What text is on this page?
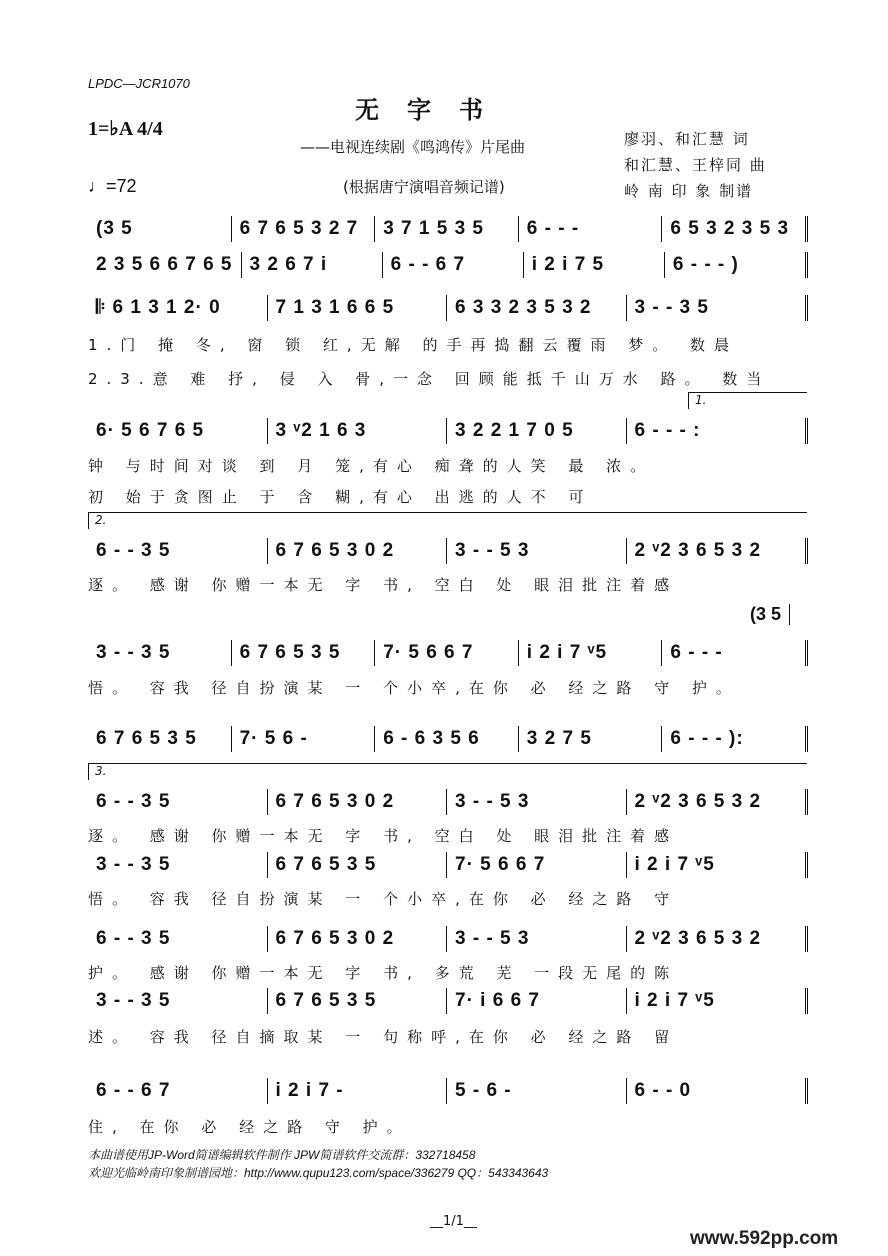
LPDC—JCR1070
无字书
1=♭A 4/4
♩=72
——电视连续剧《鸣鸿传》片尾曲
(根据唐宁演唱音频记谱)
廖羽、和汇慧 词
和汇慧、王梓同 曲
岭 南 印 象 制谱
(3 5	6 7 6 5 3 2 7	3 7 1 5 3 5	6 - - -	6 5 3 2 3 5 3
2 3 5 6 6 7 6 5 3 2 6 7 i	6 - - 6 7	i 2 i 7 5	6 - - - )
𝄆 6 1 3 1 2· 0	7 1 3 1 6 6 5	6 3 3 2 3 5 3 2	3 - - 3 5
1.门 掩 冬, 窗 锁 红,无解 的手再捣翻云覆雨 梦。 数晨
2.3.意 难 抒, 侵 入 骨,一念 回顾能抵千山万水 路。 数当
6· 5 6 7 6 5	3 ᵛ2 1 6 3	3 2 2 1 7 0 5	6 - - - :
钟 与时间对谈 到 月 笼,有心 痴聋的人笑 最 浓。
初 始于贪图止 于 含 糊,有心 出逃的人不 可
1.
6 - - 3 5	6 7 6 5 3 0 2	3 - - 5 3	2 ᵛ2 3 6 5 3 2
逐。 感谢 你赠一本无 字 书, 空白 处 眼泪批注着感
2.
3 - - 3 5	6 7 6 5 3 5	7· 5 6 6 7	i 2 i 7 ᵛ5	6 - - -
悟。 容我 径自扮演某 一 个小卒,在你 必 经之路 守 护。
(3 5
6 7 6 5 3 5	7· 5 6 -	6 - 6 3 5 6	3 2 7 5	6 - - - ):
6 - - 3 5	6 7 6 5 3 0 2	3 - - 5 3	2 ᵛ2 3 6 5 3 2
逐。 感谢 你赠一本无 字 书, 空白 处 眼泪批注着感
3.
3 - - 3 5	6 7 6 5 3 5	7· 5 6 6 7	i 2 i 7 ᵛ5
悟。 容我 径自扮演某 一 个小卒,在你 必 经之路 守
6 - - 3 5	6 7 6 5 3 0 2	3 - - 5 3	2 ᵛ2 3 6 5 3 2
护。 感谢 你赠一本无 字 书, 多荒 芜 一段无尾的陈
3 - - 3 5	6 7 6 5 3 5	7· i 6 6 7	i 2 i 7 ᵛ5
述。 容我 径自摘取某 一 句称呼,在你 必 经之路 留
6 - - 6 7	i 2 i 7 -	5 - 6 -	6 - - 0
住, 在你 必 经之路 守 护。
本曲谱使用JP-Word简谱编辑软件制作 JPW简谱软件交流群：332718458
欢迎光临岭南印象制谱园地：http://www.qupu123.com/space/336279 QQ：543343643
__1/1__
www.592pp.com
